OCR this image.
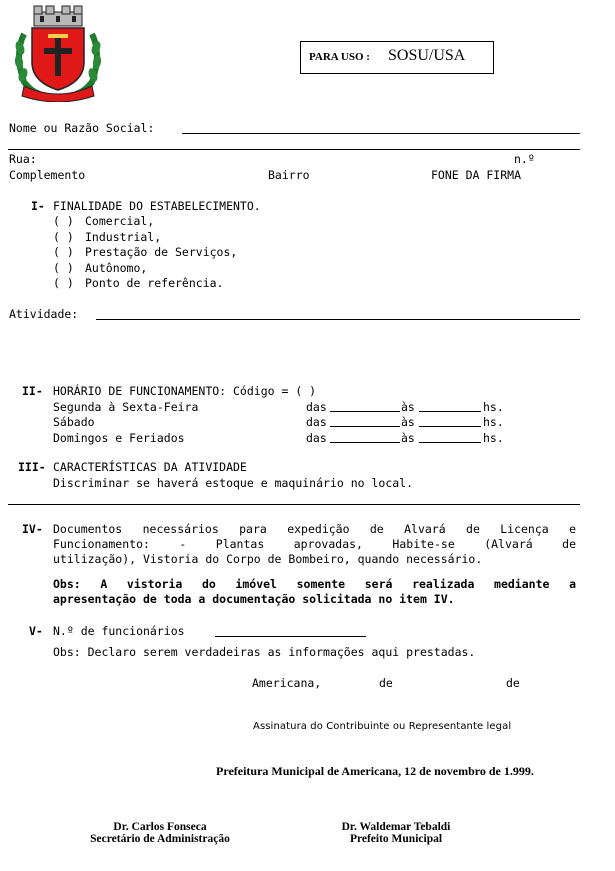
PARA USO : SOSU/USA
Nome ou Razão Social:
Rua:	n.º
Complemento	Bairro	FONE DA FIRMA
I- FINALIDADE DO ESTABELECIMENTO.
( ) Comercial,
( ) Industrial,
( ) Prestação de Serviços,
( ) Autônomo,
( ) Ponto de referência.
Atividade:
II- HORÁRIO DE FUNCIONAMENTO: Código = ( )
Segunda à Sexta-Feira	das	às	hs.
Sábado	das	às	hs.
Domingos e Feriados	das	às	hs.
III- CARACTERÍSTICAS DA ATIVIDADE
Discriminar se haverá estoque e maquinário no local.
IV- Documentos necessários para expedição de Alvará de Licença e
Funcionamento: - Plantas aprovadas, Habite-se (Alvará de
utilização), Vistoria do Corpo de Bombeiro, quando necessário.
Obs: A vistoria do imóvel somente será realizada mediante a
apresentação de toda a documentação solicitada no item IV.
V- N.º de funcionários
Obs: Declaro serem verdadeiras as informações aqui prestadas.
Americana,	de	de
Assinatura do Contribuinte ou Representante legal
Prefeitura Municipal de Americana, 12 de novembro de 1.999.
Dr. Carlos Fonseca
Secretário de Administração
Dr. Waldemar Tebaldi
Prefeito Municipal
